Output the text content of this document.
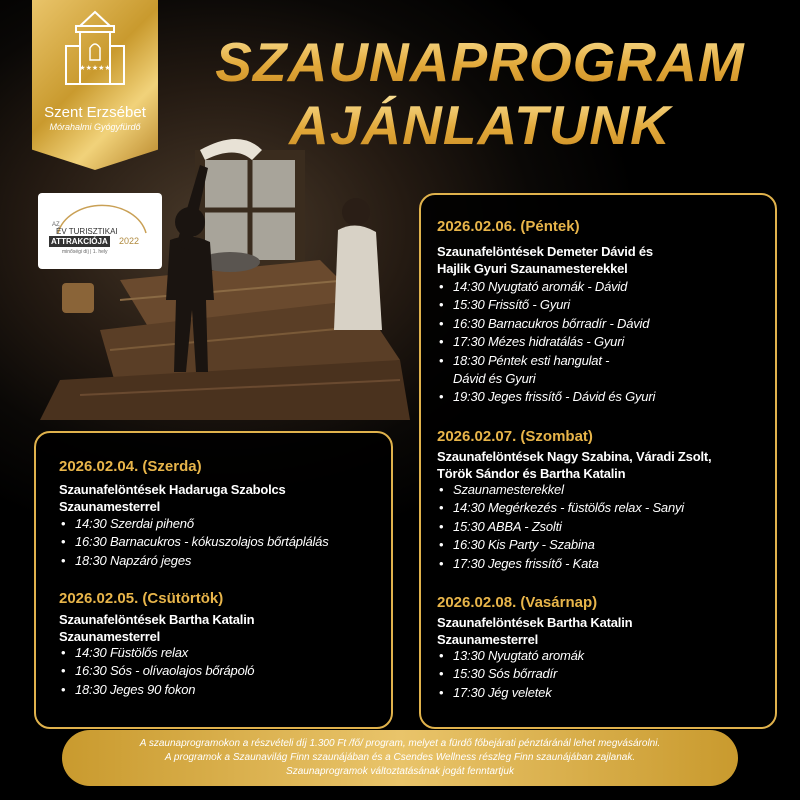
★★★★★
Szent Erzsébet
Mórahalmi Gyógyfürdő
AZ
ÉV TURISZTIKAI
ATTRAKCIÓJA 2022
minőségi díj | 1. hely
SZAUNAPROGRAM
AJÁNLATUNK
2026.02.04. (Szerda)
Szaunafelöntések Hadaruga Szabolcs
Szaunamesterrel
• 14:30 Szerdai pihenő
• 16:30 Barnacukros - kókuszolajos bőrtáplálás
• 18:30 Napzáró jeges
2026.02.05. (Csütörtök)
Szaunafelöntések Bartha Katalin
Szaunamesterrel
• 14:30 Füstölős relax
• 16:30 Sós - olívaolajos bőrápoló
• 18:30 Jeges 90 fokon
2026.02.06. (Péntek)
Szaunafelöntések Demeter Dávid és
Hajlik Gyuri Szaunamesterekkel
• 14:30 Nyugtató aromák - Dávid
• 15:30 Frissítő - Gyuri
• 16:30 Barnacukros bőrradír - Dávid
• 17:30 Mézes hidratálás - Gyuri
• 18:30 Péntek esti hangulat -
Dávid és Gyuri
• 19:30 Jeges frissítő - Dávid és Gyuri
2026.02.07. (Szombat)
Szaunafelöntések Nagy Szabina, Váradi Zsolt,
Török Sándor és Bartha Katalin
• Szaunamesterekkel
• 14:30 Megérkezés - füstölős relax - Sanyi
• 15:30 ABBA - Zsolti
• 16:30 Kis Party - Szabina
• 17:30 Jeges frissítő - Kata
2026.02.08. (Vasárnap)
Szaunafelöntések Bartha Katalin
Szaunamesterrel
• 13:30 Nyugtató aromák
• 15:30 Sós bőrradír
• 17:30 Jég veletek
A szaunaprogramokon a részvételi díj 1.300 Ft /fő/ program, melyet a fürdő főbejárati pénztáránál lehet megvásárolni.
A programok a Szaunavilág Finn szaunájában és a Csendes Wellness részleg Finn szaunájában zajlanak.
Szaunaprogramok változtatásának jogát fenntartjuk
